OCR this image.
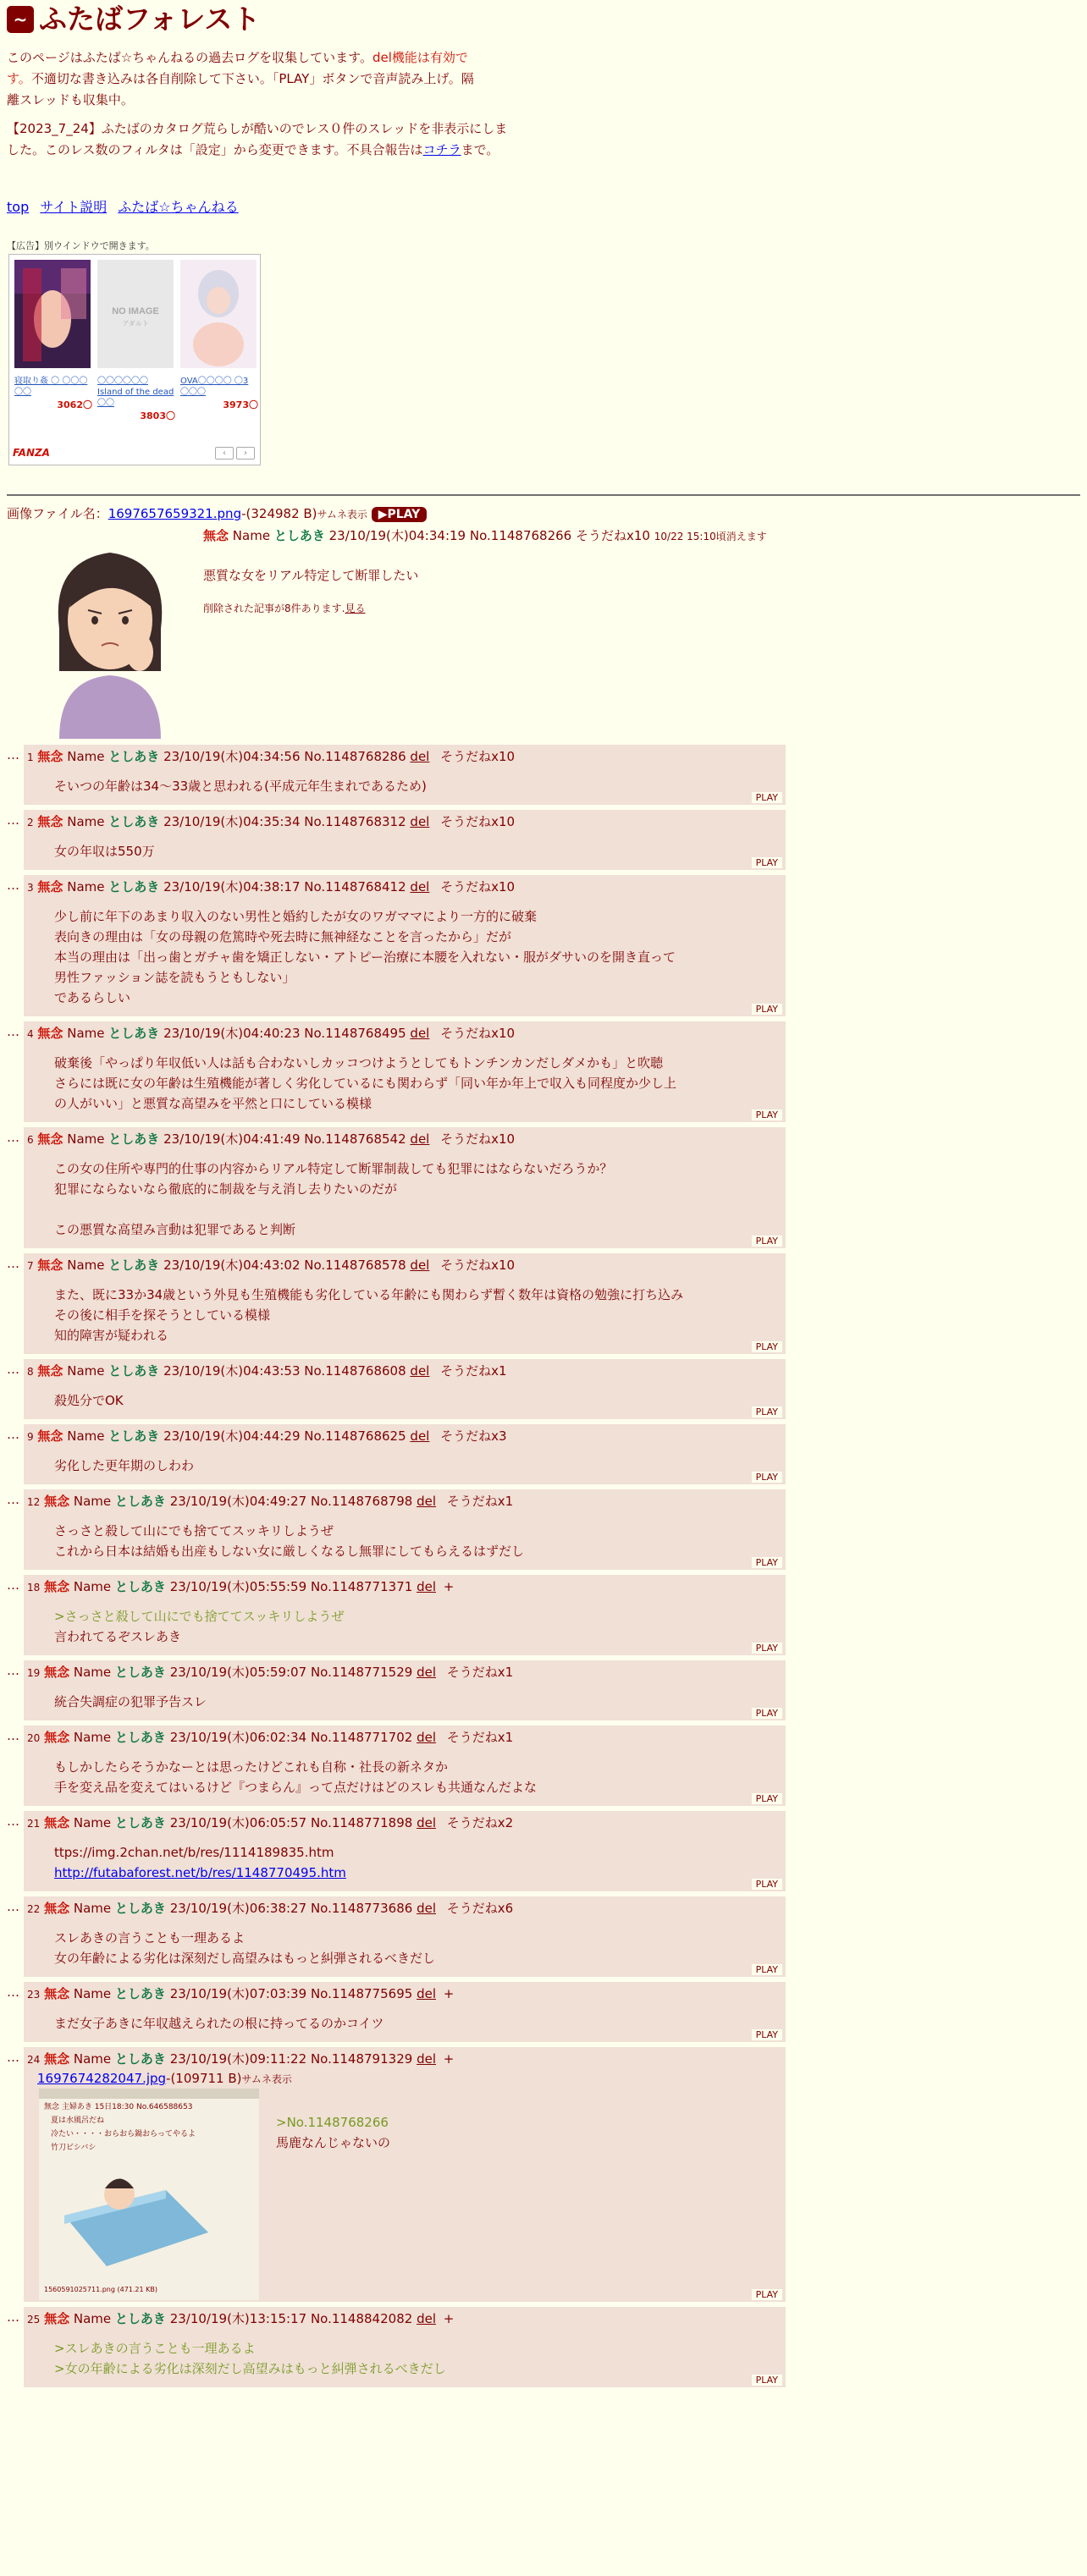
~ ふたばフォレスト
このページはふたば☆ちゃんねるの過去ログを収集しています。del機能は有効で
す。不適切な書き込みは各自削除して下さい。「PLAY」ボタンで音声読み上げ。隔
離スレッドも収集中。
【2023_7_24】ふたばのカタログ荒らしが酷いのでレス０件のスレッドを非表示にしました。このレス数のフィルタは「設定」から変更できます。不具合報告はコチラまで。
top サイト説明 ふたば☆ちゃんねる
【広告】別ウインドウで開きます。
寝取り姦 〇 〇〇〇〇〇
3062〇
NO IMAGE
アダルト
〇〇〇〇〇〇 Island of the dead 〇〇
3803〇
OVA〇〇〇〇 〇3 〇〇〇
3973〇
FANZA	‹	›
画像ファイル名：1697657659321.png-(324982 B)サムネ表示 ▶PLAY
無念 Name としあき 23/10/19(木)04:34:19 No.1148768266 そうだねx10 10/22 15:10頃消えます
悪質な女をリアル特定して断罪したい
削除された記事が8件あります.見る
… 1 無念 Name としあき 23/10/19(木)04:34:56 No.1148768286 del そうだねx10
そいつの年齢は34〜33歳と思われる(平成元年生まれであるため)
PLAY
… 2 無念 Name としあき 23/10/19(木)04:35:34 No.1148768312 del そうだねx10
女の年収は550万
PLAY
… 3 無念 Name としあき 23/10/19(木)04:38:17 No.1148768412 del そうだねx10
少し前に年下のあまり収入のない男性と婚約したが女のワガママにより一方的に破棄
表向きの理由は「女の母親の危篤時や死去時に無神経なことを言ったから」だが
本当の理由は「出っ歯とガチャ歯を矯正しない・アトピー治療に本腰を入れない・服がダサいのを開き直って
男性ファッション誌を読もうともしない」
であるらしい
PLAY
… 4 無念 Name としあき 23/10/19(木)04:40:23 No.1148768495 del そうだねx10
破棄後「やっぱり年収低い人は話も合わないしカッコつけようとしてもトンチンカンだしダメかも」と吹聴
さらには既に女の年齢は生殖機能が著しく劣化しているにも関わらず「同い年か年上で収入も同程度か少し上
の人がいい」と悪質な高望みを平然と口にしている模様
PLAY
… 6 無念 Name としあき 23/10/19(木)04:41:49 No.1148768542 del そうだねx10
この女の住所や専門的仕事の内容からリアル特定して断罪制裁しても犯罪にはならないだろうか？
犯罪にならないなら徹底的に制裁を与え消し去りたいのだが

この悪質な高望み言動は犯罪であると判断
PLAY
… 7 無念 Name としあき 23/10/19(木)04:43:02 No.1148768578 del そうだねx10
また、既に33か34歳という外見も生殖機能も劣化している年齢にも関わらず暫く数年は資格の勉強に打ち込み
その後に相手を探そうとしている模様
知的障害が疑われる
PLAY
… 8 無念 Name としあき 23/10/19(木)04:43:53 No.1148768608 del そうだねx1
殺処分でOK
PLAY
… 9 無念 Name としあき 23/10/19(木)04:44:29 No.1148768625 del そうだねx3
劣化した更年期のしわわ
PLAY
… 12 無念 Name としあき 23/10/19(木)04:49:27 No.1148768798 del そうだねx1
さっさと殺して山にでも捨ててスッキリしようぜ
これから日本は結婚も出産もしない女に厳しくなるし無罪にしてもらえるはずだし
PLAY
… 18 無念 Name としあき 23/10/19(木)05:55:59 No.1148771371 del +
>さっさと殺して山にでも捨ててスッキリしようぜ
言われてるぞスレあき
PLAY
… 19 無念 Name としあき 23/10/19(木)05:59:07 No.1148771529 del そうだねx1
統合失調症の犯罪予告スレ
PLAY
… 20 無念 Name としあき 23/10/19(木)06:02:34 No.1148771702 del そうだねx1
もしかしたらそうかなーとは思ったけどこれも自称・社長の新ネタか
手を変え品を変えてはいるけど『つまらん』って点だけはどのスレも共通なんだよな
PLAY
… 21 無念 Name としあき 23/10/19(木)06:05:57 No.1148771898 del そうだねx2
ttps://img.2chan.net/b/res/1114189835.htm
http://futabaforest.net/b/res/1148770495.htm
PLAY
… 22 無念 Name としあき 23/10/19(木)06:38:27 No.1148773686 del そうだねx6
スレあきの言うことも一理あるよ
女の年齢による劣化は深刻だし高望みはもっと糾弾されるべきだし
PLAY
… 23 無念 Name としあき 23/10/19(木)07:03:39 No.1148775695 del +
まだ女子あきに年収越えられたの根に持ってるのかコイツ
PLAY
… 24 無念 Name としあき 23/10/19(木)09:11:22 No.1148791329 del +
1697674282047.jpg-(109711 B)サムネ表示
無念 主婦あき 15日18:30 No.646588653
夏は水風呂だね
冷たい・・・・おらおら鍋おらってやるよ
竹刀ビシバシ
1560591025711.png (471.21 KB)
>No.1148768266
馬鹿なんじゃないの
PLAY
… 25 無念 Name としあき 23/10/19(木)13:15:17 No.1148842082 del +
>スレあきの言うことも一理あるよ
>女の年齢による劣化は深刻だし高望みはもっと糾弾されるべきだし
PLAY
